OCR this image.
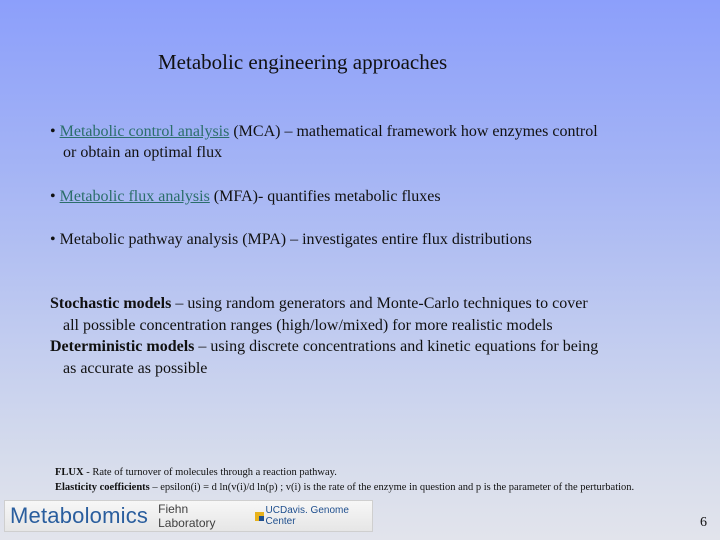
Metabolic engineering approaches
• Metabolic control analysis (MCA) – mathematical framework how enzymes control
or obtain an optimal flux
• Metabolic flux analysis (MFA)- quantifies metabolic fluxes
• Metabolic pathway analysis (MPA) – investigates entire flux distributions
Stochastic models – using random generators and Monte-Carlo techniques to cover
all possible concentration ranges (high/low/mixed) for more realistic models
Deterministic models – using discrete concentrations and kinetic equations for being
as accurate as possible
FLUX - Rate of turnover of molecules through a reaction pathway.
Elasticity coefficients – epsilon(i) = d ln(v(i)/d ln(p) ; v(i) is the rate of the enzyme in question and p is the parameter of the perturbation.
Metabolomics Fiehn Laboratory
UCDavis. Genome Center	6
